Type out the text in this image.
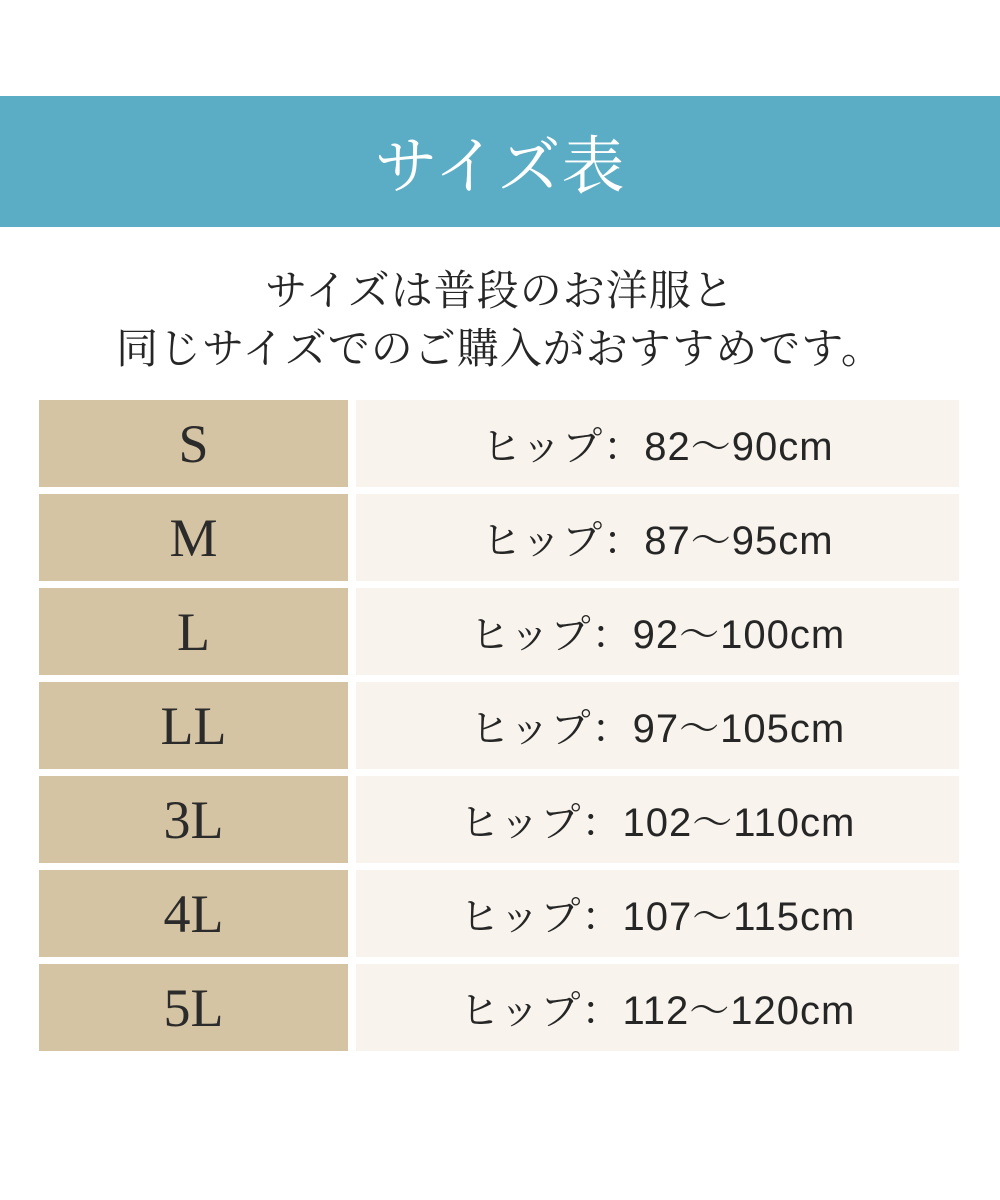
サイズ表
サイズは普段のお洋服と
同じサイズでのご購入がおすすめです。
S	ヒップ：82～90cm
M	ヒップ：87～95cm
L	ヒップ：92～100cm
LL	ヒップ：97～105cm
3L	ヒップ：102～110cm
4L	ヒップ：107～115cm
5L	ヒップ：112～120cm
